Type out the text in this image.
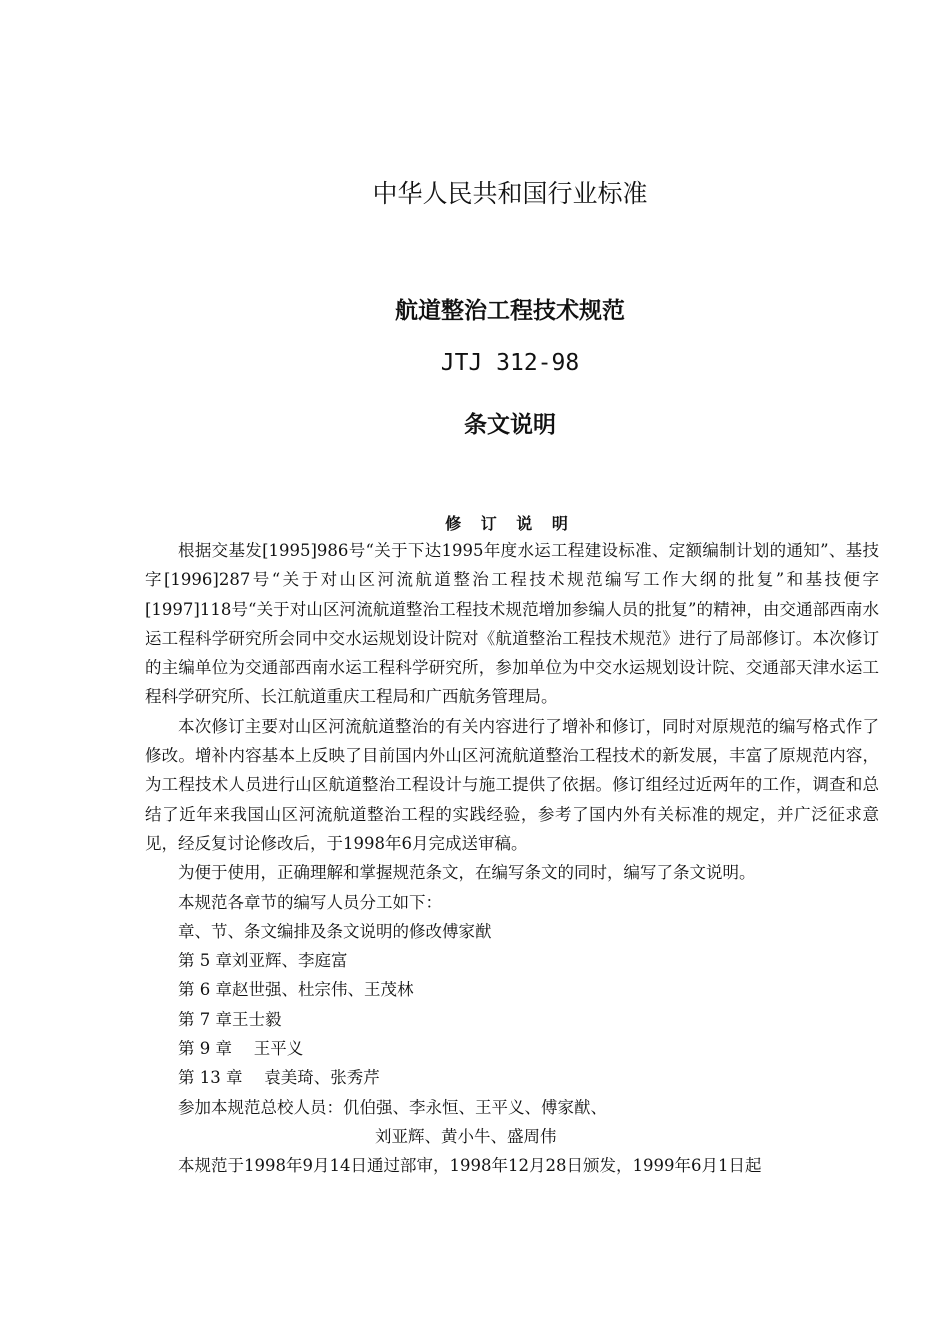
中华人民共和国行业标准
航道整治工程技术规范
JTJ 312-98
条文说明
修 订 说 明

根据交基发[1995]986号“关于下达1995年度水运工程建设标准、定额编制计划的通知”、基技字[1996]287号“关于对山区河流航道整治工程技术规范编写工作大纲的批复”和基技便字[1997]118号“关于对山区河流航道整治工程技术规范增加参编人员的批复”的精神，由交通部西南水运工程科学研究所会同中交水运规划设计院对《航道整治工程技术规范》进行了局部修订。本次修订的主编单位为交通部西南水运工程科学研究所，参加单位为中交水运规划设计院、交通部天津水运工程科学研究所、长江航道重庆工程局和广西航务管理局。

本次修订主要对山区河流航道整治的有关内容进行了增补和修订，同时对原规范的编写格式作了修改。增补内容基本上反映了目前国内外山区河流航道整治工程技术的新发展，丰富了原规范内容，为工程技术人员进行山区航道整治工程设计与施工提供了依据。修订组经过近两年的工作，调查和总结了近年来我国山区河流航道整治工程的实践经验，参考了国内外有关标准的规定，并广泛征求意见，经反复讨论修改后，于1998年6月完成送审稿。

为便于使用，正确理解和掌握规范条文，在编写条文的同时，编写了条文说明。

本规范各章节的编写人员分工如下：

章、节、条文编排及条文说明的修改傅家猷

第 5 章刘亚辉、李庭富

第 6 章赵世强、杜宗伟、王茂林

第 7 章王士毅

第 9 章　 王平义

第 13 章　 袁美琦、张秀芹

参加本规范总校人员：仉伯强、李永恒、王平义、傅家猷、

刘亚辉、黄小牛、盛周伟

本规范于1998年9月14日通过部审，1998年12月28日颁发，1999年6月1日起
